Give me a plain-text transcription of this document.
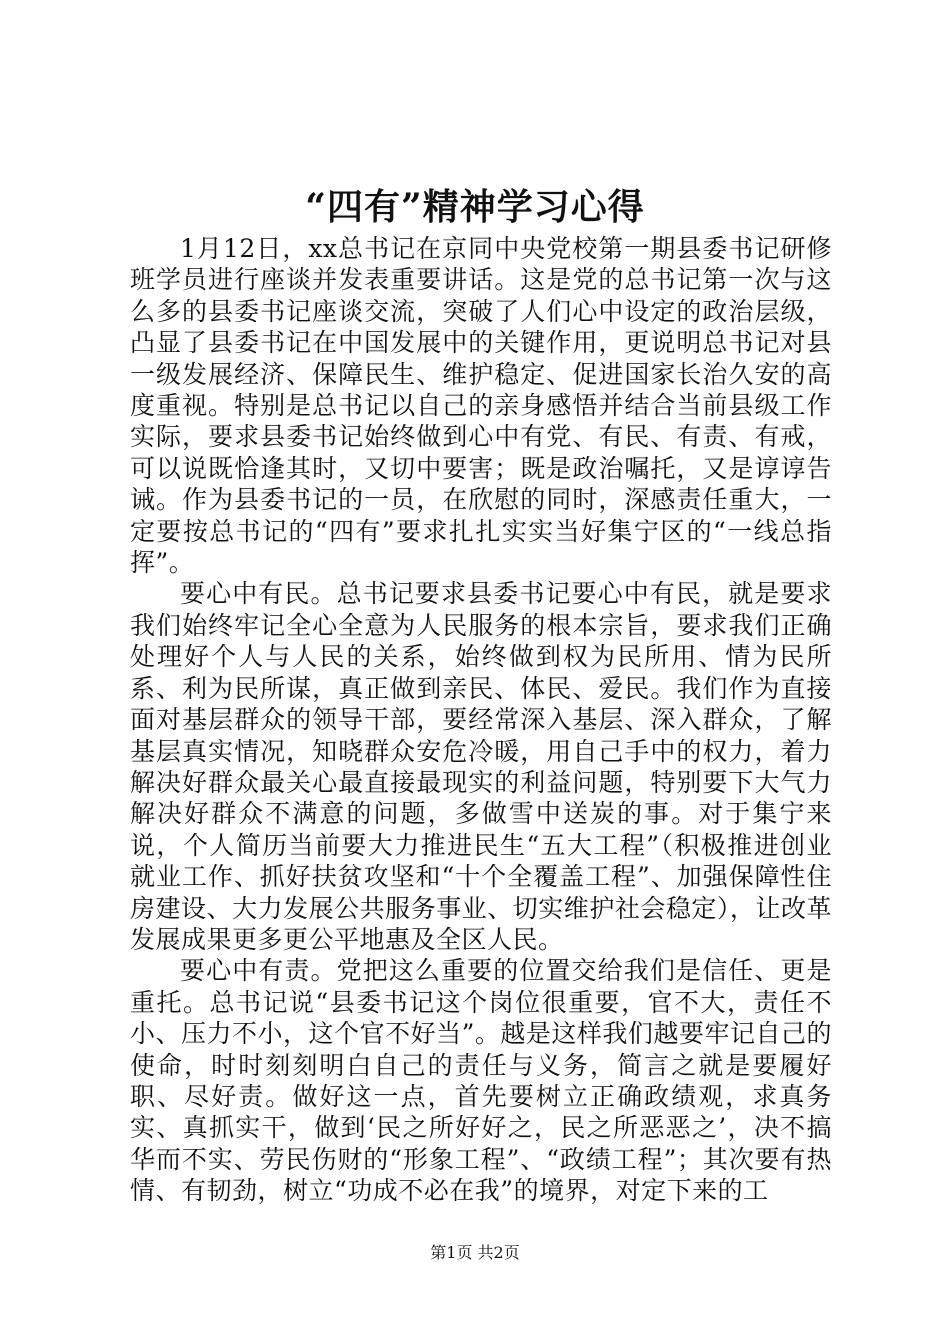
“四有”精神学习心得

1月12日，xx总书记在京同中央党校第一期县委书记研修班学员进行座谈并发表重要讲话。这是党的总书记第一次与这么多的县委书记座谈交流，突破了人们心中设定的政治层级，凸显了县委书记在中国发展中的关键作用，更说明总书记对县一级发展经济、保障民生、维护稳定、促进国家长治久安的高度重视。特别是总书记以自己的亲身感悟并结合当前县级工作实际，要求县委书记始终做到心中有党、有民、有责、有戒，可以说既恰逢其时，又切中要害；既是政治嘱托，又是谆谆告诫。作为县委书记的一员，在欣慰的同时，深感责任重大，一定要按总书记的“四有”要求扎扎实实当好集宁区的“一线总指挥”。

要心中有民。总书记要求县委书记要心中有民，就是要求我们始终牢记全心全意为人民服务的根本宗旨，要求我们正确处理好个人与人民的关系，始终做到权为民所用、情为民所系、利为民所谋，真正做到亲民、体民、爱民。我们作为直接面对基层群众的领导干部，要经常深入基层、深入群众，了解基层真实情况，知晓群众安危冷暖，用自己手中的权力，着力解决好群众最关心最直接最现实的利益问题，特别要下大气力解决好群众不满意的问题，多做雪中送炭的事。对于集宁来说，个人简历当前要大力推进民生“五大工程”（积极推进创业就业工作、抓好扶贫攻坚和“十个全覆盖工程”、加强保障性住房建设、大力发展公共服务事业、切实维护社会稳定），让改革发展成果更多更公平地惠及全区人民。

要心中有责。党把这么重要的位置交给我们是信任、更是重托。总书记说“县委书记这个岗位很重要，官不大，责任不小、压力不小，这个官不好当”。越是这样我们越要牢记自己的使命，时时刻刻明白自己的责任与义务，简言之就是要履好职、尽好责。做好这一点，首先要树立正确政绩观，求真务实、真抓实干，做到‘民之所好好之，民之所恶恶之’，决不搞华而不实、劳民伤财的“形象工程”、“政绩工程”；其次要有热情、有韧劲，树立“功成不必在我”的境界，对定下来的工

第1页 共2页
